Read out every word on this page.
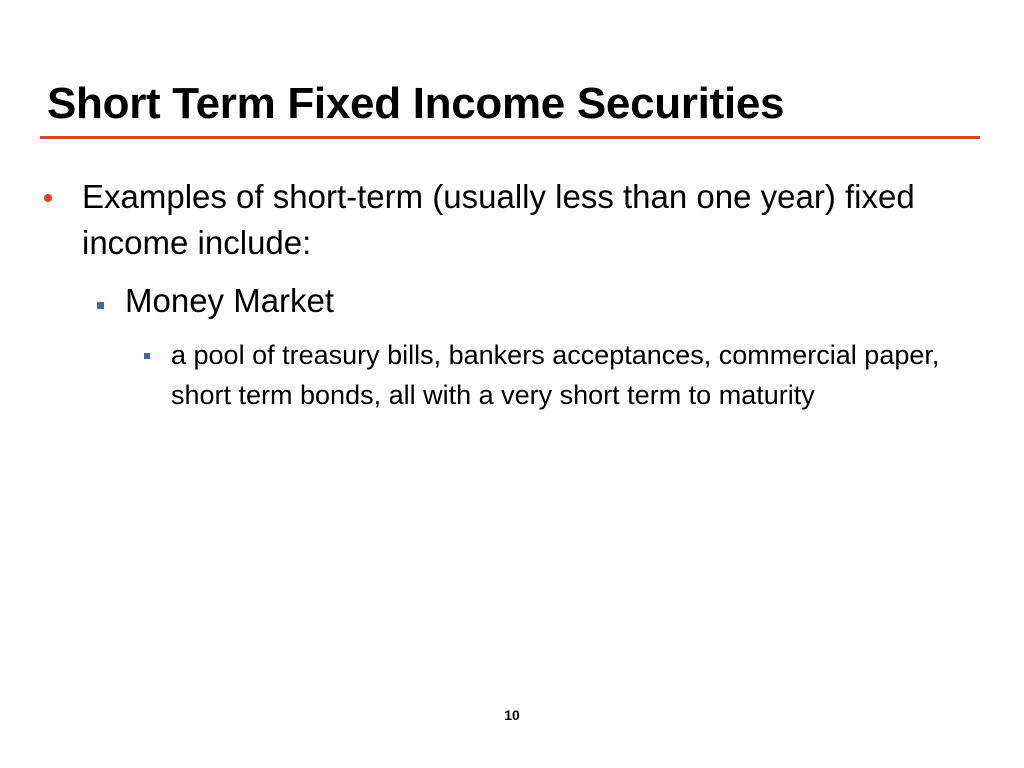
Short Term Fixed Income Securities
Examples of short-term (usually less than one year) fixed income include:
Money Market
a pool of treasury bills, bankers acceptances, commercial paper, short term bonds, all with a very short term to maturity
10
